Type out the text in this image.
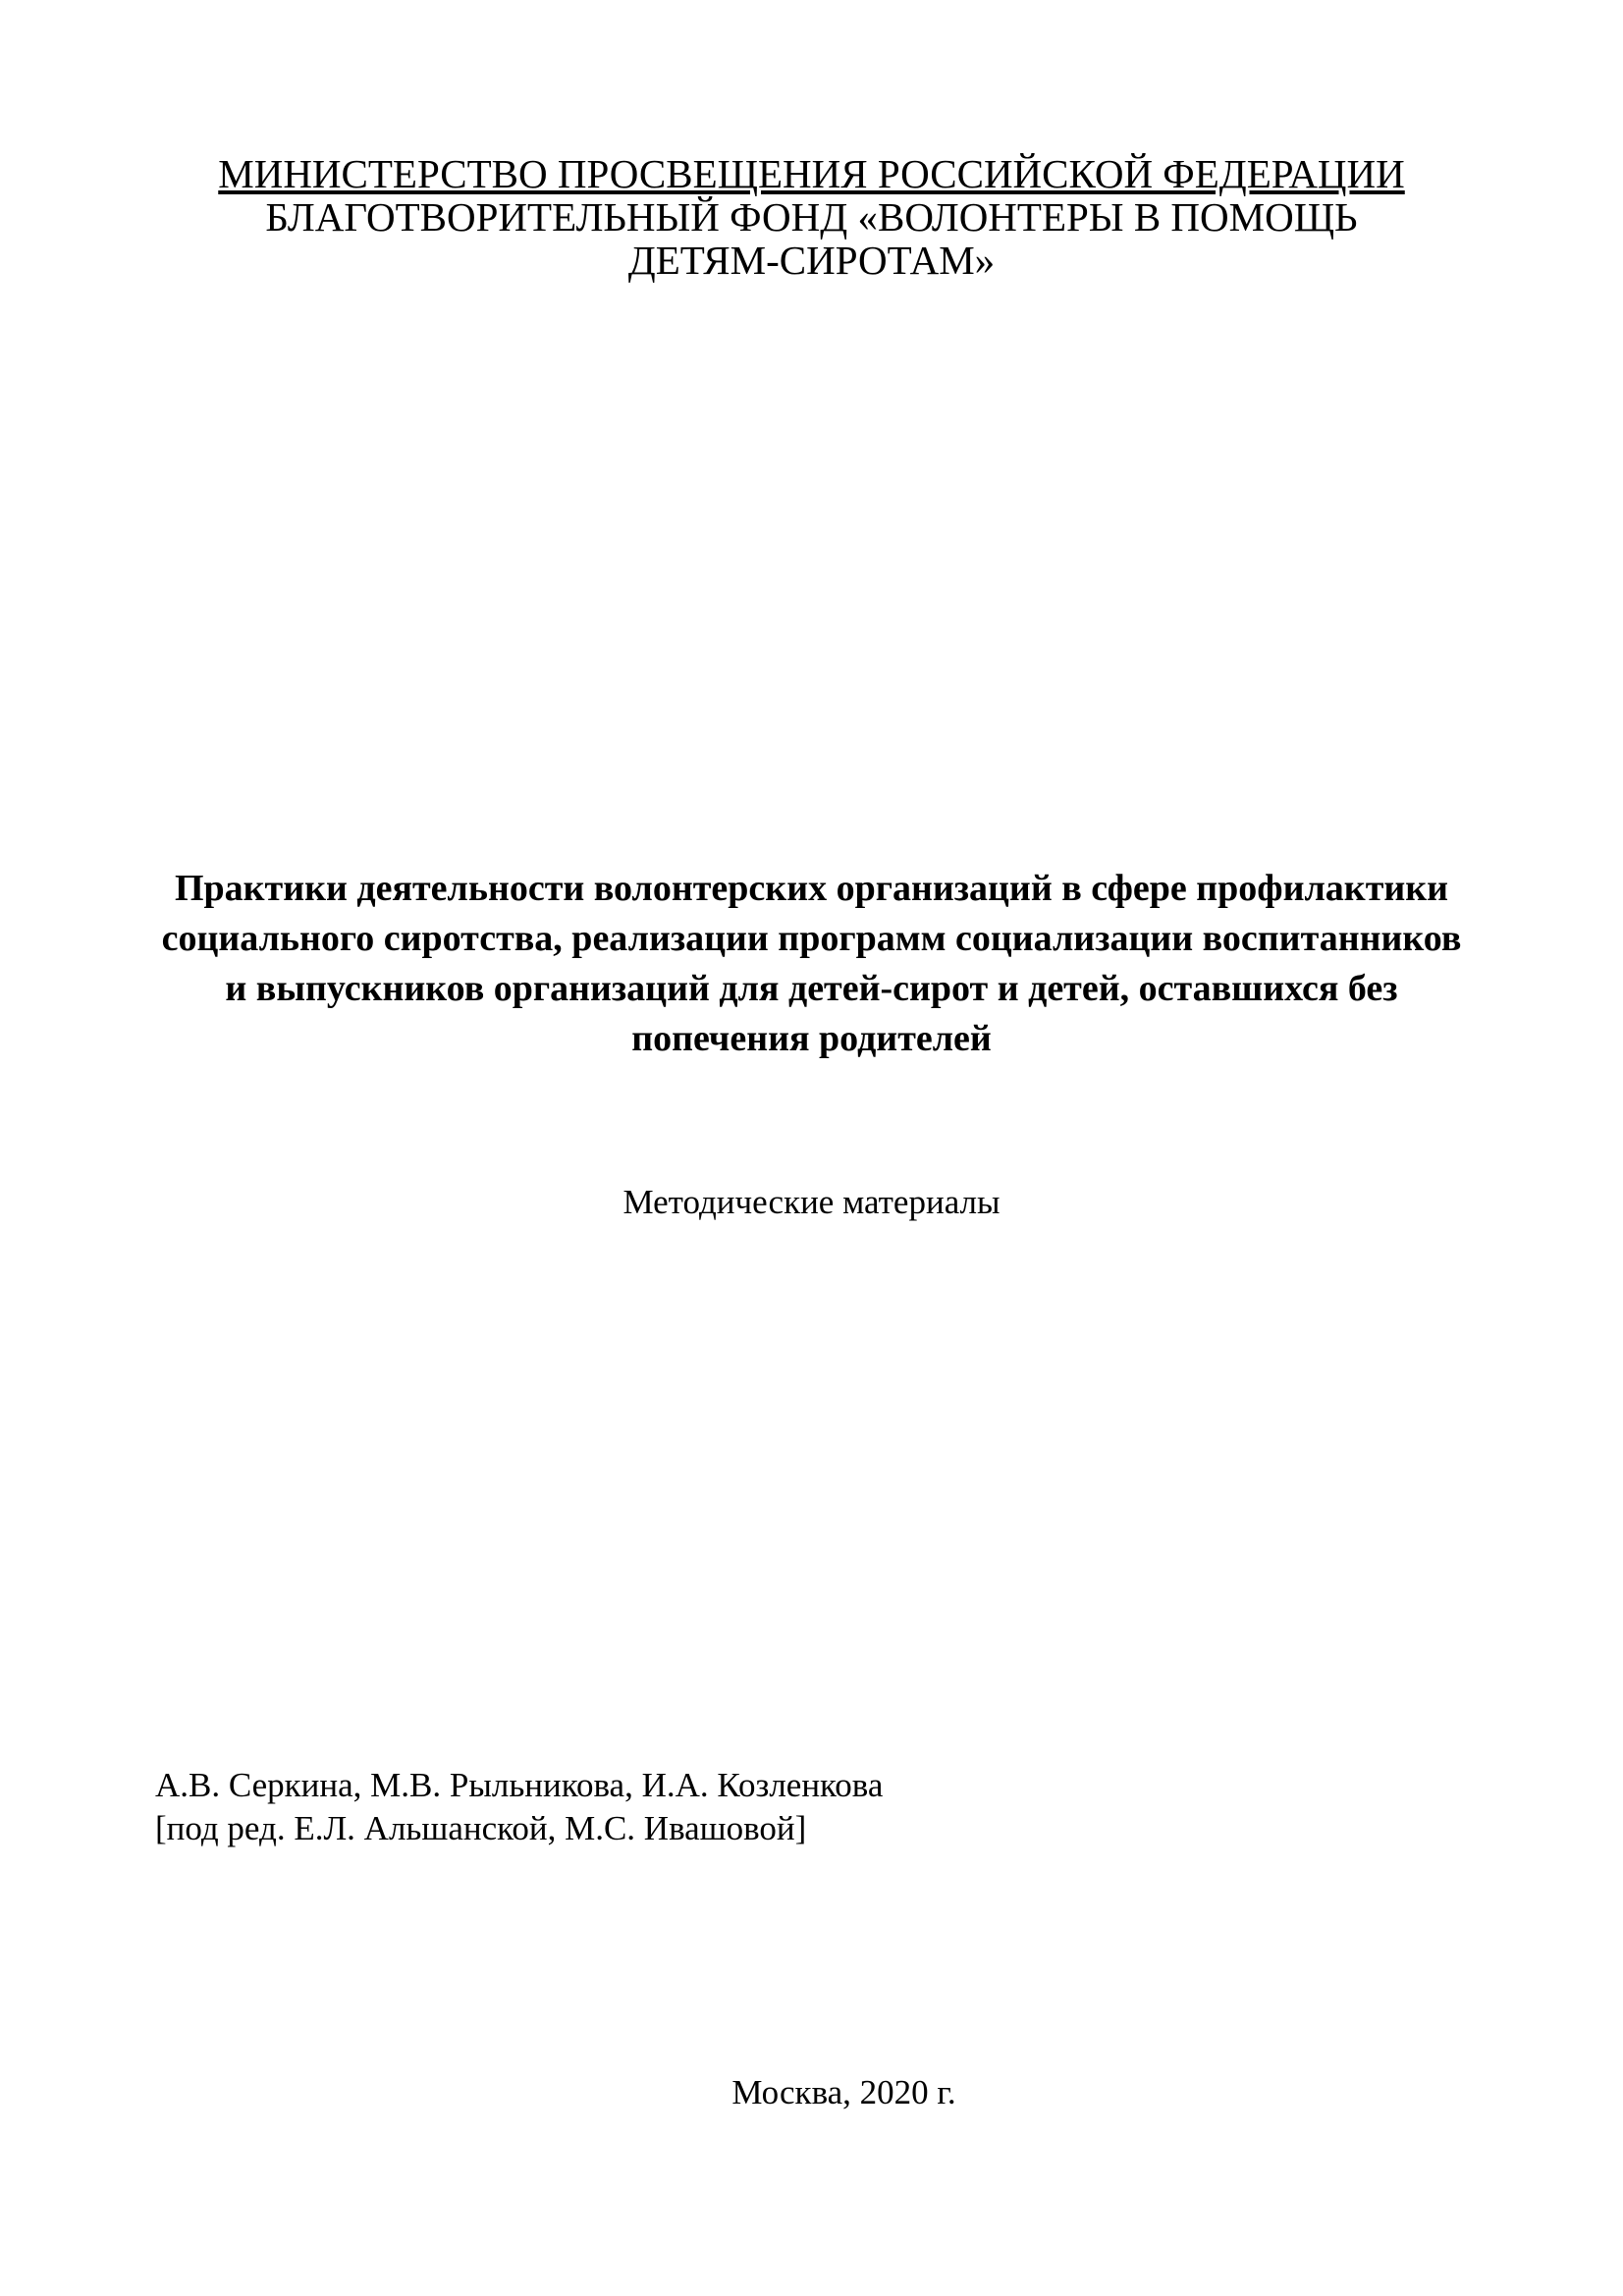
МИНИСТЕРСТВО ПРОСВЕЩЕНИЯ РОССИЙСКОЙ ФЕДЕРАЦИИ
БЛАГОТВОРИТЕЛЬНЫЙ ФОНД «ВОЛОНТЕРЫ В ПОМОЩЬ
ДЕТЯМ-СИРОТАМ»
Практики деятельности волонтерских организаций в сфере профилактики социального сиротства, реализации программ социализации воспитанников и выпускников организаций для детей-сирот и детей, оставшихся без попечения родителей
Методические материалы
А.В. Серкина, М.В. Рыльникова, И.А. Козленкова
[под ред. Е.Л. Альшанской, М.С. Ивашовой]
Москва, 2020 г.
